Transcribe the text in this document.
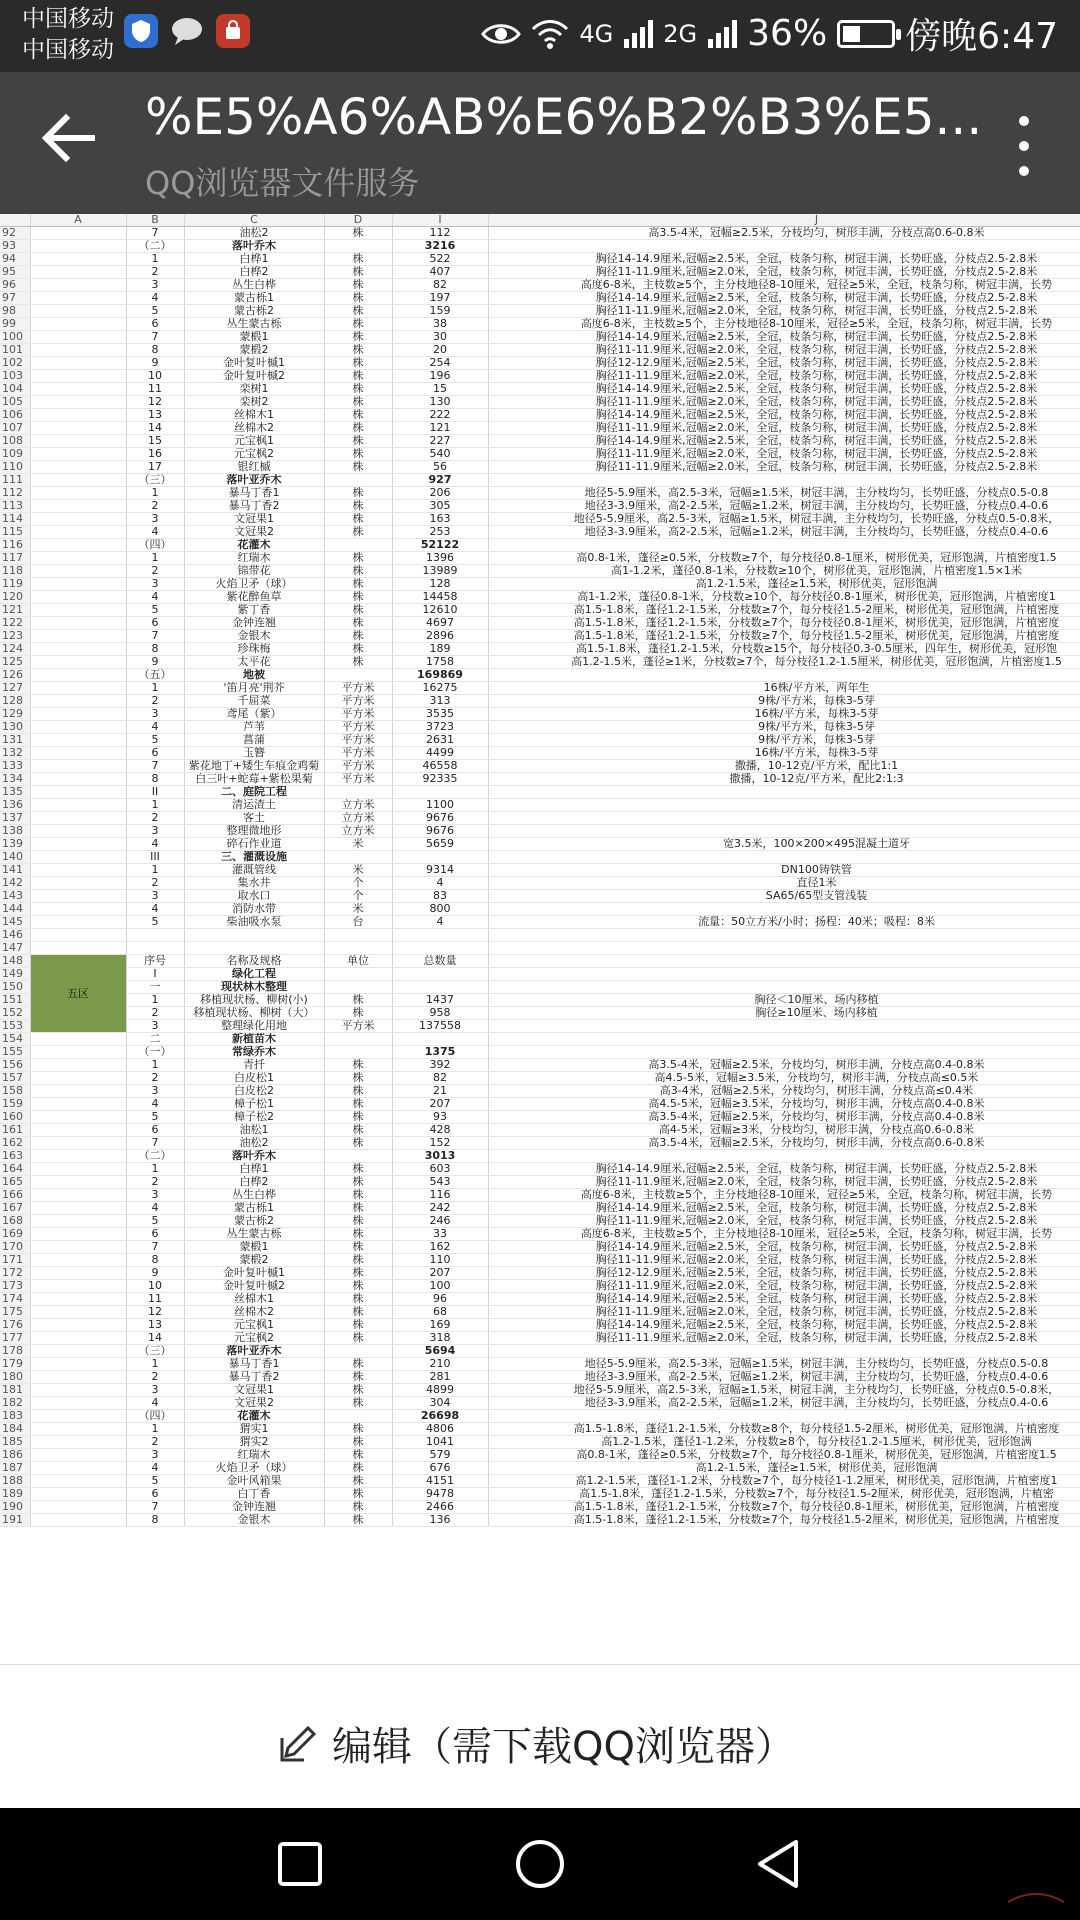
中国移动
中国移动
4G 2G 36% 傍晚6:47
%E5%A6%AB%E6%B2%B3%E5...
QQ浏览器文件服务
	A	B	C	D	I	J
92		7	油松2	株	112	高3.5-4米，冠幅≥2.5米，分枝均匀，树形丰满，分枝点高0.6-0.8米
93		（二）	落叶乔木		3216	
94		1	白桦1	株	522	胸径14-14.9厘米,冠幅≥2.5米，全冠，枝条匀称，树冠丰满，长势旺盛，分枝点2.5-2.8米
95		2	白桦2	株	407	胸径11-11.9厘米,冠幅≥2.0米，全冠，枝条匀称，树冠丰满，长势旺盛，分枝点2.5-2.8米
96		3	丛生白桦	株	82	高度6-8米，主枝数≥5个，主分枝地径8-10厘米，冠径≥5米，全冠，枝条匀称，树冠丰满，长势
97		4	蒙古栎1	株	197	胸径14-14.9厘米,冠幅≥2.5米，全冠，枝条匀称，树冠丰满，长势旺盛，分枝点2.5-2.8米
98		5	蒙古栎2	株	159	胸径11-11.9厘米,冠幅≥2.0米，全冠，枝条匀称，树冠丰满，长势旺盛，分枝点2.5-2.8米
99		6	丛生蒙古栎	株	38	高度6-8米，主枝数≥5个，主分枝地径8-10厘米，冠径≥5米，全冠，枝条匀称，树冠丰满，长势
100		7	蒙椴1	株	30	胸径14-14.9厘米,冠幅≥2.5米，全冠，枝条匀称，树冠丰满，长势旺盛，分枝点2.5-2.8米
101		8	蒙椴2	株	20	胸径11-11.9厘米,冠幅≥2.0米，全冠，枝条匀称，树冠丰满，长势旺盛，分枝点2.5-2.8米
102		9	金叶复叶槭1	株	254	胸径12-12.9厘米,冠幅≥2.5米，全冠，枝条匀称，树冠丰满，长势旺盛，分枝点2.5-2.8米
103		10	金叶复叶槭2	株	196	胸径11-11.9厘米,冠幅≥2.0米，全冠，枝条匀称，树冠丰满，长势旺盛，分枝点2.5-2.8米
104		11	栾树1	株	15	胸径14-14.9厘米,冠幅≥2.5米，全冠，枝条匀称，树冠丰满，长势旺盛，分枝点2.5-2.8米
105		12	栾树2	株	130	胸径11-11.9厘米,冠幅≥2.0米，全冠，枝条匀称，树冠丰满，长势旺盛，分枝点2.5-2.8米
106		13	丝棉木1	株	222	胸径14-14.9厘米,冠幅≥2.5米，全冠，枝条匀称，树冠丰满，长势旺盛，分枝点2.5-2.8米
107		14	丝棉木2	株	121	胸径11-11.9厘米,冠幅≥2.0米，全冠，枝条匀称，树冠丰满，长势旺盛，分枝点2.5-2.8米
108		15	元宝枫1	株	227	胸径14-14.9厘米,冠幅≥2.5米，全冠，枝条匀称，树冠丰满，长势旺盛，分枝点2.5-2.8米
109		16	元宝枫2	株	540	胸径11-11.9厘米,冠幅≥2.0米，全冠，枝条匀称，树冠丰满，长势旺盛，分枝点2.5-2.8米
110		17	银红槭	株	56	胸径11-11.9厘米,冠幅≥2.0米，全冠，枝条匀称，树冠丰满，长势旺盛，分枝点2.5-2.8米
111		（三）	落叶亚乔木		927	
112		1	暴马丁香1	株	206	地径5-5.9厘米，高2.5-3米，冠幅≥1.5米，树冠丰满，主分枝均匀，长势旺盛，分枝点0.5-0.8
113		2	暴马丁香2	株	305	地径3-3.9厘米，高2-2.5米，冠幅≥1.2米，树冠丰满，主分枝均匀，长势旺盛，分枝点0.4-0.6
114		3	文冠果1	株	163	地径5-5.9厘米，高2.5-3米，冠幅≥1.5米，树冠丰满，主分枝均匀，长势旺盛，分枝点0.5-0.8米，
115		4	文冠果2	株	253	地径3-3.9厘米，高2-2.5米，冠幅≥1.2米，树冠丰满，主分枝均匀，长势旺盛，分枝点0.4-0.6
116		（四）	花灌木		52122	
117		1	红瑞木	株	1396	高0.8-1米，蓬径≥0.5米，分枝数≥7个，每分枝径0.8-1厘米，树形优美，冠形饱满，片植密度1.5
118		2	锦带花	株	13989	高1-1.2米，蓬径0.8-1米，分枝数≥10个，树形优美，冠形饱满，片植密度1.5×1米
119		3	火焰卫矛（球）	株	128	高1.2-1.5米，蓬径≥1.5米，树形优美，冠形饱满
120		4	紫花醉鱼草	株	14458	高1-1.2米，蓬径0.8-1米，分枝数≥10个，每分枝径0.8-1厘米，树形优美，冠形饱满，片植密度1
121		5	紫丁香	株	12610	高1.5-1.8米，蓬径1.2-1.5米，分枝数≥7个，每分枝径1.5-2厘米，树形优美，冠形饱满，片植密度
122		6	金钟连翘	株	4697	高1.5-1.8米，蓬径1.2-1.5米，分枝数≥7个，每分枝径0.8-1厘米，树形优美，冠形饱满，片植密度
123		7	金银木	株	2896	高1.5-1.8米，蓬径1.2-1.5米，分枝数≥7个，每分枝径1.5-2厘米，树形优美，冠形饱满，片植密度
124		8	珍珠梅	株	189	高1.5-1.8米，蓬径1.2-1.5米，分枝数≥15个，每分枝径0.3-0.5厘米，四年生，树形优美，冠形饱
125		9	太平花	株	1758	高1.2-1.5米，蓬径≥1米，分枝数≥7个，每分枝径1.2-1.5厘米，树形优美，冠形饱满，片植密度1.5
126		（五）	地被		169869	
127		1	'笛月亮'荆芥	平方米	16275	16株/平方米，两年生
128		2	千屈菜	平方米	313	9株/平方米，每株3-5芽
129		3	鸢尾（紫）	平方米	3535	16株/平方米，每株3-5芽
130		4	芦苇	平方米	3723	9株/平方米，每株3-5芽
131		5	菖蒲	平方米	2631	9株/平方米，每株3-5芽
132		6	玉簪	平方米	4499	16株/平方米，每株3-5芽
133		7	紫花地丁+矮生车痕金鸡菊	平方米	46558	撒播，10-12克/平方米，配比1:1
134		8	白三叶+蛇莓+紫松果菊	平方米	92335	撒播，10-12克/平方米，配比2:1:3
135		II	二、庭院工程			
136		1	清运渣土	立方米	1100	
137		2	客土	立方米	9676	
138		3	整理微地形	立方米	9676	
139		4	碎石作业道	米	5659	宽3.5米，100×200×495混凝土道牙
140		III	三、灌溉设施			
141		1	灌溉管线	米	9314	DN100铸铁管
142		2	集水井	个	4	直径1米
143		3	取水口	个	83	SA65/65型支管浅装
144		4	消防水带	米	800	
145		5	柴油吸水泵	台	4	流量：50立方米/小时；扬程：40米；吸程：8米
146						
147						
148	五区	序号	名称及规格	单位	总数量	
149		I	绿化工程			
150		一	现状林木整理			
151		1	移植现状杨、柳树(小)	株	1437	胸径＜10厘米、场内移植
152		2	移植现状杨、柳树（大）	株	958	胸径≥10厘米、场内移植
153		3	整理绿化用地	平方米	137558	
154		二	新植苗木			
155		（一）	常绿乔木		1375	
156		1	青扦	株	392	高3.5-4米，冠幅≥2.5米，分枝均匀，树形丰满，分枝点高0.4-0.8米
157		2	白皮松1	株	82	高4.5-5米，冠幅≥3.5米，分枝均匀，树形丰满，分枝点高≤0.5米
158		3	白皮松2	株	21	高3-4米，冠幅≥2.5米，分枝均匀，树形丰满，分枝点高≤0.4米
159		4	樟子松1	株	207	高4.5-5米，冠幅≥3.5米，分枝均匀，树形丰满，分枝点高0.4-0.8米
160		5	樟子松2	株	93	高3.5-4米，冠幅≥2.5米，分枝均匀，树形丰满，分枝点高0.4-0.8米
161		6	油松1	株	428	高4-5米，冠幅≥3米，分枝均匀，树形丰满，分枝点高0.6-0.8米
162		7	油松2	株	152	高3.5-4米，冠幅≥2.5米，分枝均匀，树形丰满，分枝点高0.6-0.8米
163		（二）	落叶乔木		3013	
164		1	白桦1	株	603	胸径14-14.9厘米,冠幅≥2.5米，全冠，枝条匀称，树冠丰满，长势旺盛，分枝点2.5-2.8米
165		2	白桦2	株	543	胸径11-11.9厘米,冠幅≥2.0米，全冠，枝条匀称，树冠丰满，长势旺盛，分枝点2.5-2.8米
166		3	丛生白桦	株	116	高度6-8米，主枝数≥5个，主分枝地径8-10厘米，冠径≥5米，全冠，枝条匀称，树冠丰满，长势
167		4	蒙古栎1	株	242	胸径14-14.9厘米,冠幅≥2.5米，全冠，枝条匀称，树冠丰满，长势旺盛，分枝点2.5-2.8米
168		5	蒙古栎2	株	246	胸径11-11.9厘米,冠幅≥2.0米，全冠，枝条匀称，树冠丰满，长势旺盛，分枝点2.5-2.8米
169		6	丛生蒙古栎	株	33	高度6-8米，主枝数≥5个，主分枝地径8-10厘米，冠径≥5米，全冠，枝条匀称，树冠丰满，长势
170		7	蒙椴1	株	162	胸径14-14.9厘米,冠幅≥2.5米，全冠，枝条匀称，树冠丰满，长势旺盛，分枝点2.5-2.8米
171		8	蒙椴2	株	110	胸径11-11.9厘米,冠幅≥2.0米，全冠，枝条匀称，树冠丰满，长势旺盛，分枝点2.5-2.8米
172		9	金叶复叶槭1	株	207	胸径12-12.9厘米,冠幅≥2.5米，全冠，枝条匀称，树冠丰满，长势旺盛，分枝点2.5-2.8米
173		10	金叶复叶槭2	株	100	胸径11-11.9厘米,冠幅≥2.0米，全冠，枝条匀称，树冠丰满，长势旺盛，分枝点2.5-2.8米
174		11	丝棉木1	株	96	胸径14-14.9厘米,冠幅≥2.5米，全冠，枝条匀称，树冠丰满，长势旺盛，分枝点2.5-2.8米
175		12	丝棉木2	株	68	胸径11-11.9厘米,冠幅≥2.0米，全冠，枝条匀称，树冠丰满，长势旺盛，分枝点2.5-2.8米
176		13	元宝枫1	株	169	胸径14-14.9厘米,冠幅≥2.5米，全冠，枝条匀称，树冠丰满，长势旺盛，分枝点2.5-2.8米
177		14	元宝枫2	株	318	胸径11-11.9厘米,冠幅≥2.0米，全冠，枝条匀称，树冠丰满，长势旺盛，分枝点2.5-2.8米
178		（三）	落叶亚乔木		5694	
179		1	暴马丁香1	株	210	地径5-5.9厘米，高2.5-3米，冠幅≥1.5米，树冠丰满，主分枝均匀，长势旺盛，分枝点0.5-0.8
180		2	暴马丁香2	株	281	地径3-3.9厘米，高2-2.5米，冠幅≥1.2米，树冠丰满，主分枝均匀，长势旺盛，分枝点0.4-0.6
181		3	文冠果1	株	4899	地径5-5.9厘米，高2.5-3米，冠幅≥1.5米，树冠丰满，主分枝均匀，长势旺盛，分枝点0.5-0.8米，
182		4	文冠果2	株	304	地径3-3.9厘米，高2-2.5米，冠幅≥1.2米，树冠丰满，主分枝均匀，长势旺盛，分枝点0.4-0.6
183		（四）	花灌木		26698	
184		1	猬实1	株	4806	高1.5-1.8米，蓬径1.2-1.5米，分枝数≥8个，每分枝径1.5-2厘米，树形优美，冠形饱满，片植密度
185		2	猬实2	株	1041	高1.2-1.5米，蓬径1-1.2米，分枝数≥8个，每分枝径1.2-1.5厘米，树形优美，冠形饱满
186		3	红瑞木	株	579	高0.8-1米，蓬径≥0.5米，分枝数≥7个，每分枝径0.8-1厘米，树形优美，冠形饱满，片植密度1.5
187		4	火焰卫矛（球）	株	676	高1.2-1.5米，蓬径≥1.5米，树形优美，冠形饱满
188		5	金叶风箱果	株	4151	高1.2-1.5米，蓬径1-1.2米，分枝数≥7个，每分枝径1-1.2厘米，树形优美，冠形饱满，片植密度1
189		6	白丁香	株	9478	高1.5-1.8米，蓬径1.2-1.5米，分枝数≥7个，每分枝径1.5-2厘米，树形优美，冠形饱满，片植密
190		7	金钟连翘	株	2466	高1.5-1.8米，蓬径1.2-1.5米，分枝数≥7个，每分枝径0.8-1厘米，树形优美，冠形饱满，片植密度
191		8	金银木	株	136	高1.5-1.8米，蓬径1.2-1.5米，分枝数≥7个，每分枝径1.5-2厘米，树形优美，冠形饱满，片植密度
编辑（需下载QQ浏览器）
